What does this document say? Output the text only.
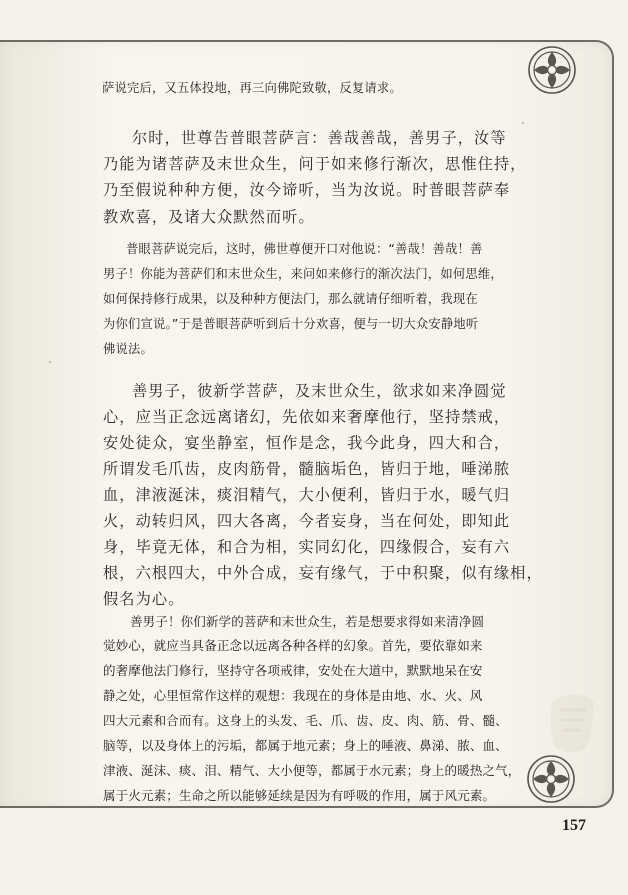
萨说完后，又五体投地，再三向佛陀致敬，反复请求。
尔时，世尊告普眼菩萨言：善哉善哉，善男子，汝等
乃能为诸菩萨及末世众生，问于如来修行渐次，思惟住持，
乃至假说种种方便，汝今谛听，当为汝说。时普眼菩萨奉
教欢喜，及诸大众默然而听。
普眼菩萨说完后，这时，佛世尊便开口对他说：“善哉！善哉！善
男子！你能为菩萨们和末世众生，来问如来修行的渐次法门，如何思维，
如何保持修行成果，以及种种方便法门，那么就请仔细听着，我现在
为你们宣说。”于是普眼菩萨听到后十分欢喜，便与一切大众安静地听
佛说法。
善男子，彼新学菩萨，及末世众生，欲求如来净圆觉
心，应当正念远离诸幻，先依如来奢摩他行，坚持禁戒，
安处徒众，宴坐静室，恒作是念，我今此身，四大和合，
所谓发毛爪齿，皮肉筋骨，髓脑垢色，皆归于地，唾涕脓
血，津液涎沫，痰泪精气，大小便利，皆归于水，暖气归
火，动转归风，四大各离，今者妄身，当在何处，即知此
身，毕竟无体，和合为相，实同幻化，四缘假合，妄有六
根，六根四大，中外合成，妄有缘气，于中积聚，似有缘相，
假名为心。
善男子！你们新学的菩萨和末世众生，若是想要求得如来清净圆
觉妙心，就应当具备正念以远离各种各样的幻象。首先，要依靠如来
的奢摩他法门修行，坚持守各项戒律，安处在大道中，默默地呆在安
静之处，心里恒常作这样的观想：我现在的身体是由地、水、火、风
四大元素和合而有。这身上的头发、毛、爪、齿、皮、肉、筋、骨、髓、
脑等，以及身体上的污垢，都属于地元素；身上的唾液、鼻涕、脓、血、
津液、涎沫、痰、泪、精气、大小便等，都属于水元素；身上的暖热之气，
属于火元素；生命之所以能够延续是因为有呼吸的作用，属于风元素。
157
